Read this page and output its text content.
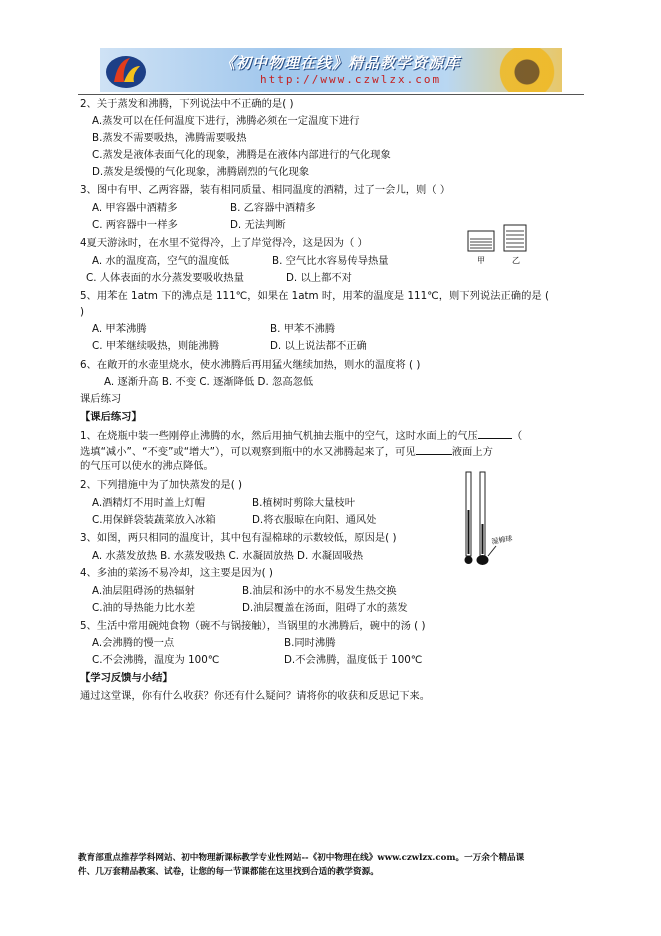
《初中物理在线》精品教学资源库
http://www.czwlzx.com
2、关于蒸发和沸腾，下列说法中不正确的是( )
A.蒸发可以在任何温度下进行，沸腾必须在一定温度下进行
B.蒸发不需要吸热，沸腾需要吸热
C.蒸发是液体表面气化的现象，沸腾是在液体内部进行的气化现象
D.蒸发是缓慢的气化现象，沸腾剧烈的气化现象
3、图中有甲、乙两容器，装有相同质量、相同温度的酒精，过了一会儿，则（ ）
A. 甲容器中酒精多	B. 乙容器中酒精多
C. 两容器中一样多	D. 无法判断
甲	乙
4夏天游泳时，在水里不觉得冷，上了岸觉得冷，这是因为（ ）
A. 水的温度高，空气的温度低	B. 空气比水容易传导热量
C. 人体表面的水分蒸发要吸收热量	D. 以上都不对
5、用苯在 1atm 下的沸点是 111℃，如果在 1atm 时，用苯的温度是 111℃，则下列说法正确的是 (
)
A. 甲苯沸腾	B. 甲苯不沸腾
C. 甲苯继续吸热，则能沸腾	D. 以上说法都不正确
6、在敞开的水壶里烧水，使水沸腾后再用猛火继续加热，则水的温度将 ( )
A. 逐渐升高 B. 不变 C. 逐渐降低 D. 忽高忽低
课后练习
【课后练习】
1、在烧瓶中装一些刚停止沸腾的水，然后用抽气机抽去瓶中的空气，这时水面上的气压	（
选填“减小”、“不变”或“增大”），可以观察到瓶中的水又沸腾起来了，可见	液面上方
的气压可以使水的沸点降低。
2、下列措施中为了加快蒸发的是( )
A.酒精灯不用时盖上灯帽	B.植树时剪除大量枝叶
C.用保鲜袋装蔬菜放入冰箱	D.将衣服晾在向阳、通风处
3、如图，两只相同的温度计，其中包有湿棉球的示数较低，原因是( )
A. 水蒸发放热 B. 水蒸发吸热 C. 水凝固放热 D. 水凝固吸热
湿棉球
4、多油的菜汤不易冷却，这主要是因为( )
A.油层阻碍汤的热辐射	B.油层和汤中的水不易发生热交换
C.油的导热能力比水差	D.油层覆盖在汤面，阻碍了水的蒸发
5、生活中常用碗炖食物（碗不与锅接触），当锅里的水沸腾后，碗中的汤 ( )
A.会沸腾的慢一点	B.同时沸腾
C.不会沸腾，温度为 100℃	D.不会沸腾，温度低于 100℃
【学习反馈与小结】
通过这堂课，你有什么收获？你还有什么疑问？请将你的收获和反思记下来。
教育部重点推荐学科网站、初中物理新课标教学专业性网站--《初中物理在线》www.czwlzx.com。一万余个精品课
件、几万套精品教案、试卷，让您的每一节课都能在这里找到合适的教学资源。
